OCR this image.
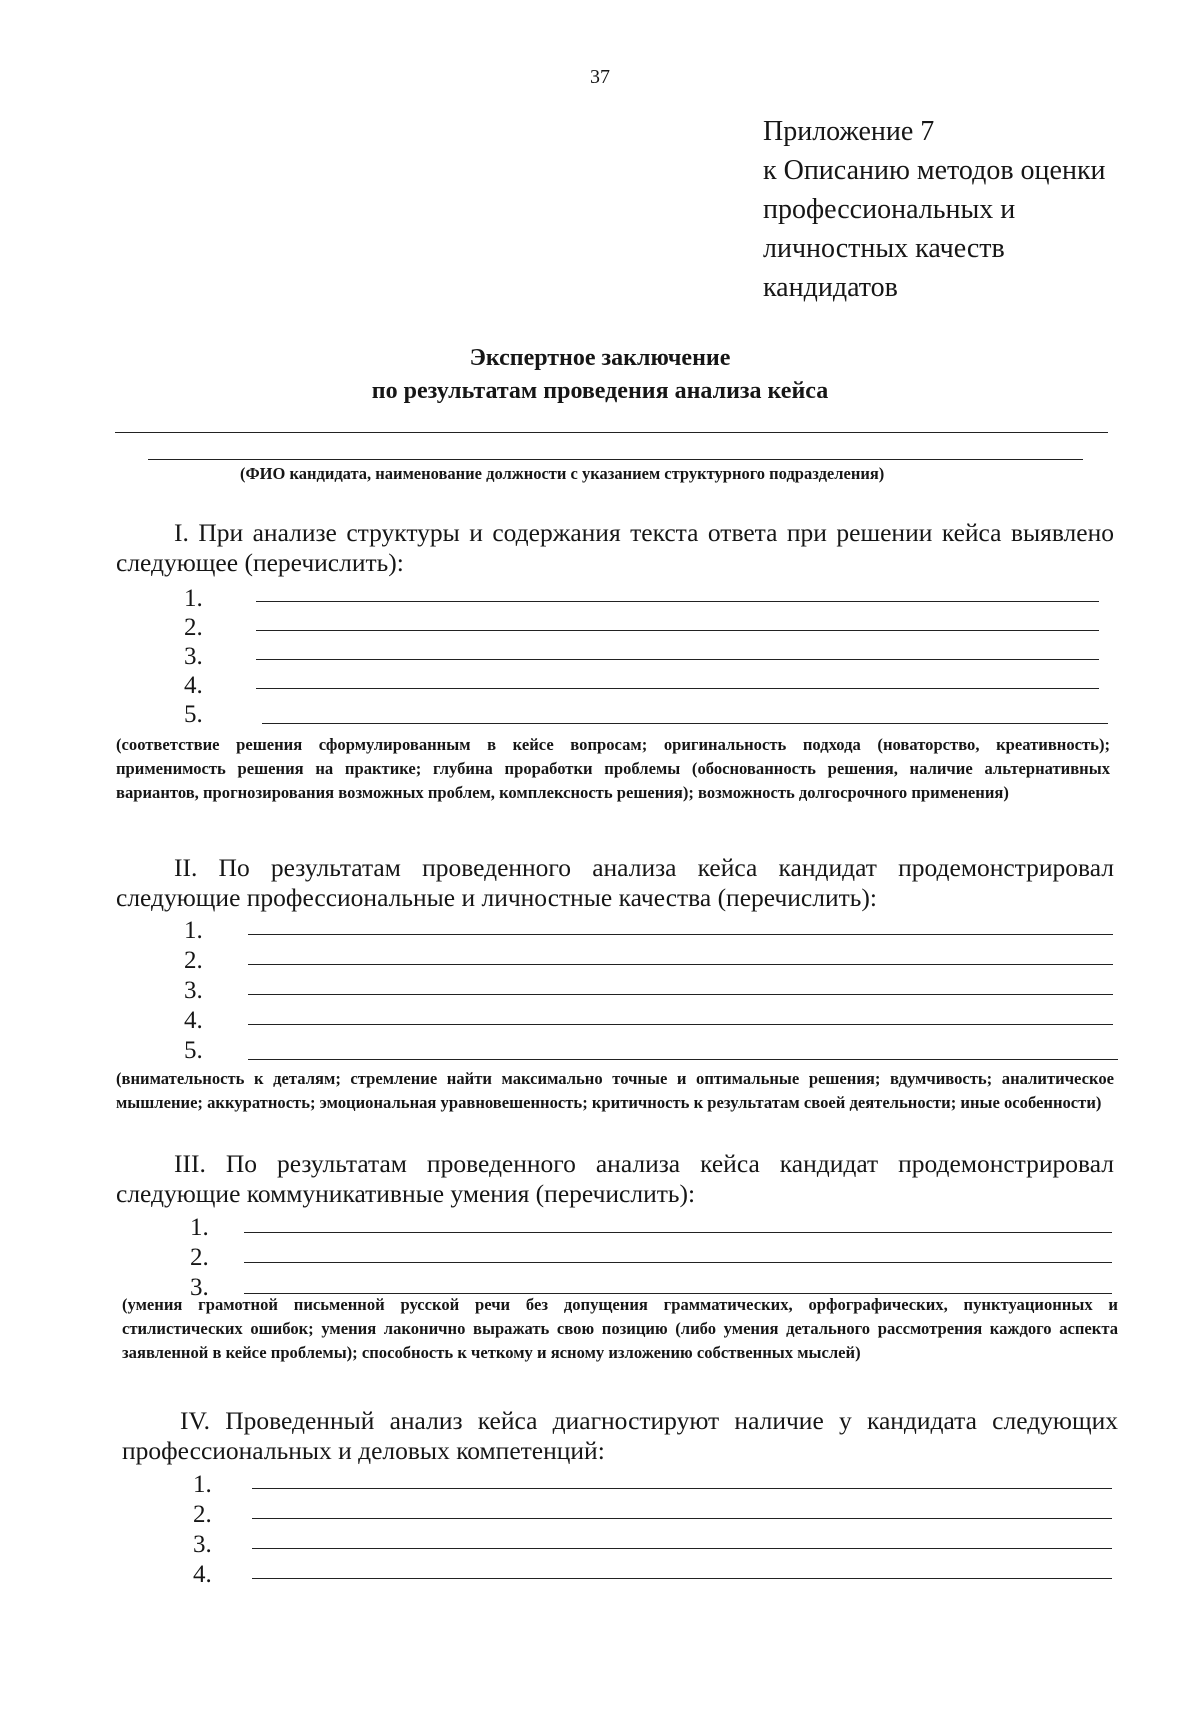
37
Приложение 7
к Описанию методов оценки
профессиональных и
личностных качеств
кандидатов
Экспертное заключение
по результатам проведения анализа кейса
(ФИО кандидата, наименование должности с указанием структурного подразделения)
I. При анализе структуры и содержания текста ответа при решении кейса выявлено следующее (перечислить):
1.
2.
3.
4.
5.
(соответствие решения сформулированным в кейсе вопросам; оригинальность подхода (новаторство, креативность); применимость решения на практике; глубина проработки проблемы (обоснованность решения, наличие альтернативных вариантов, прогнозирования возможных проблем, комплексность решения); возможность долгосрочного применения)
II. По результатам проведенного анализа кейса кандидат продемонстрировал следующие профессиональные и личностные качества (перечислить):
1.
2.
3.
4.
5.
(внимательность к деталям; стремление найти максимально точные и оптимальные решения; вдумчивость; аналитическое мышление; аккуратность; эмоциональная уравновешенность; критичность к результатам своей деятельности; иные особенности)
III. По результатам проведенного анализа кейса кандидат продемонстрировал следующие коммуникативные умения (перечислить):
1.
2.
3.
(умения грамотной письменной русской речи без допущения грамматических, орфографических, пунктуационных и стилистических ошибок; умения лаконично выражать свою позицию (либо умения детального рассмотрения каждого аспекта заявленной в кейсе проблемы); способность к четкому и ясному изложению собственных мыслей)
IV. Проведенный анализ кейса диагностируют наличие у кандидата следующих профессиональных и деловых компетенций:
1.
2.
3.
4.
